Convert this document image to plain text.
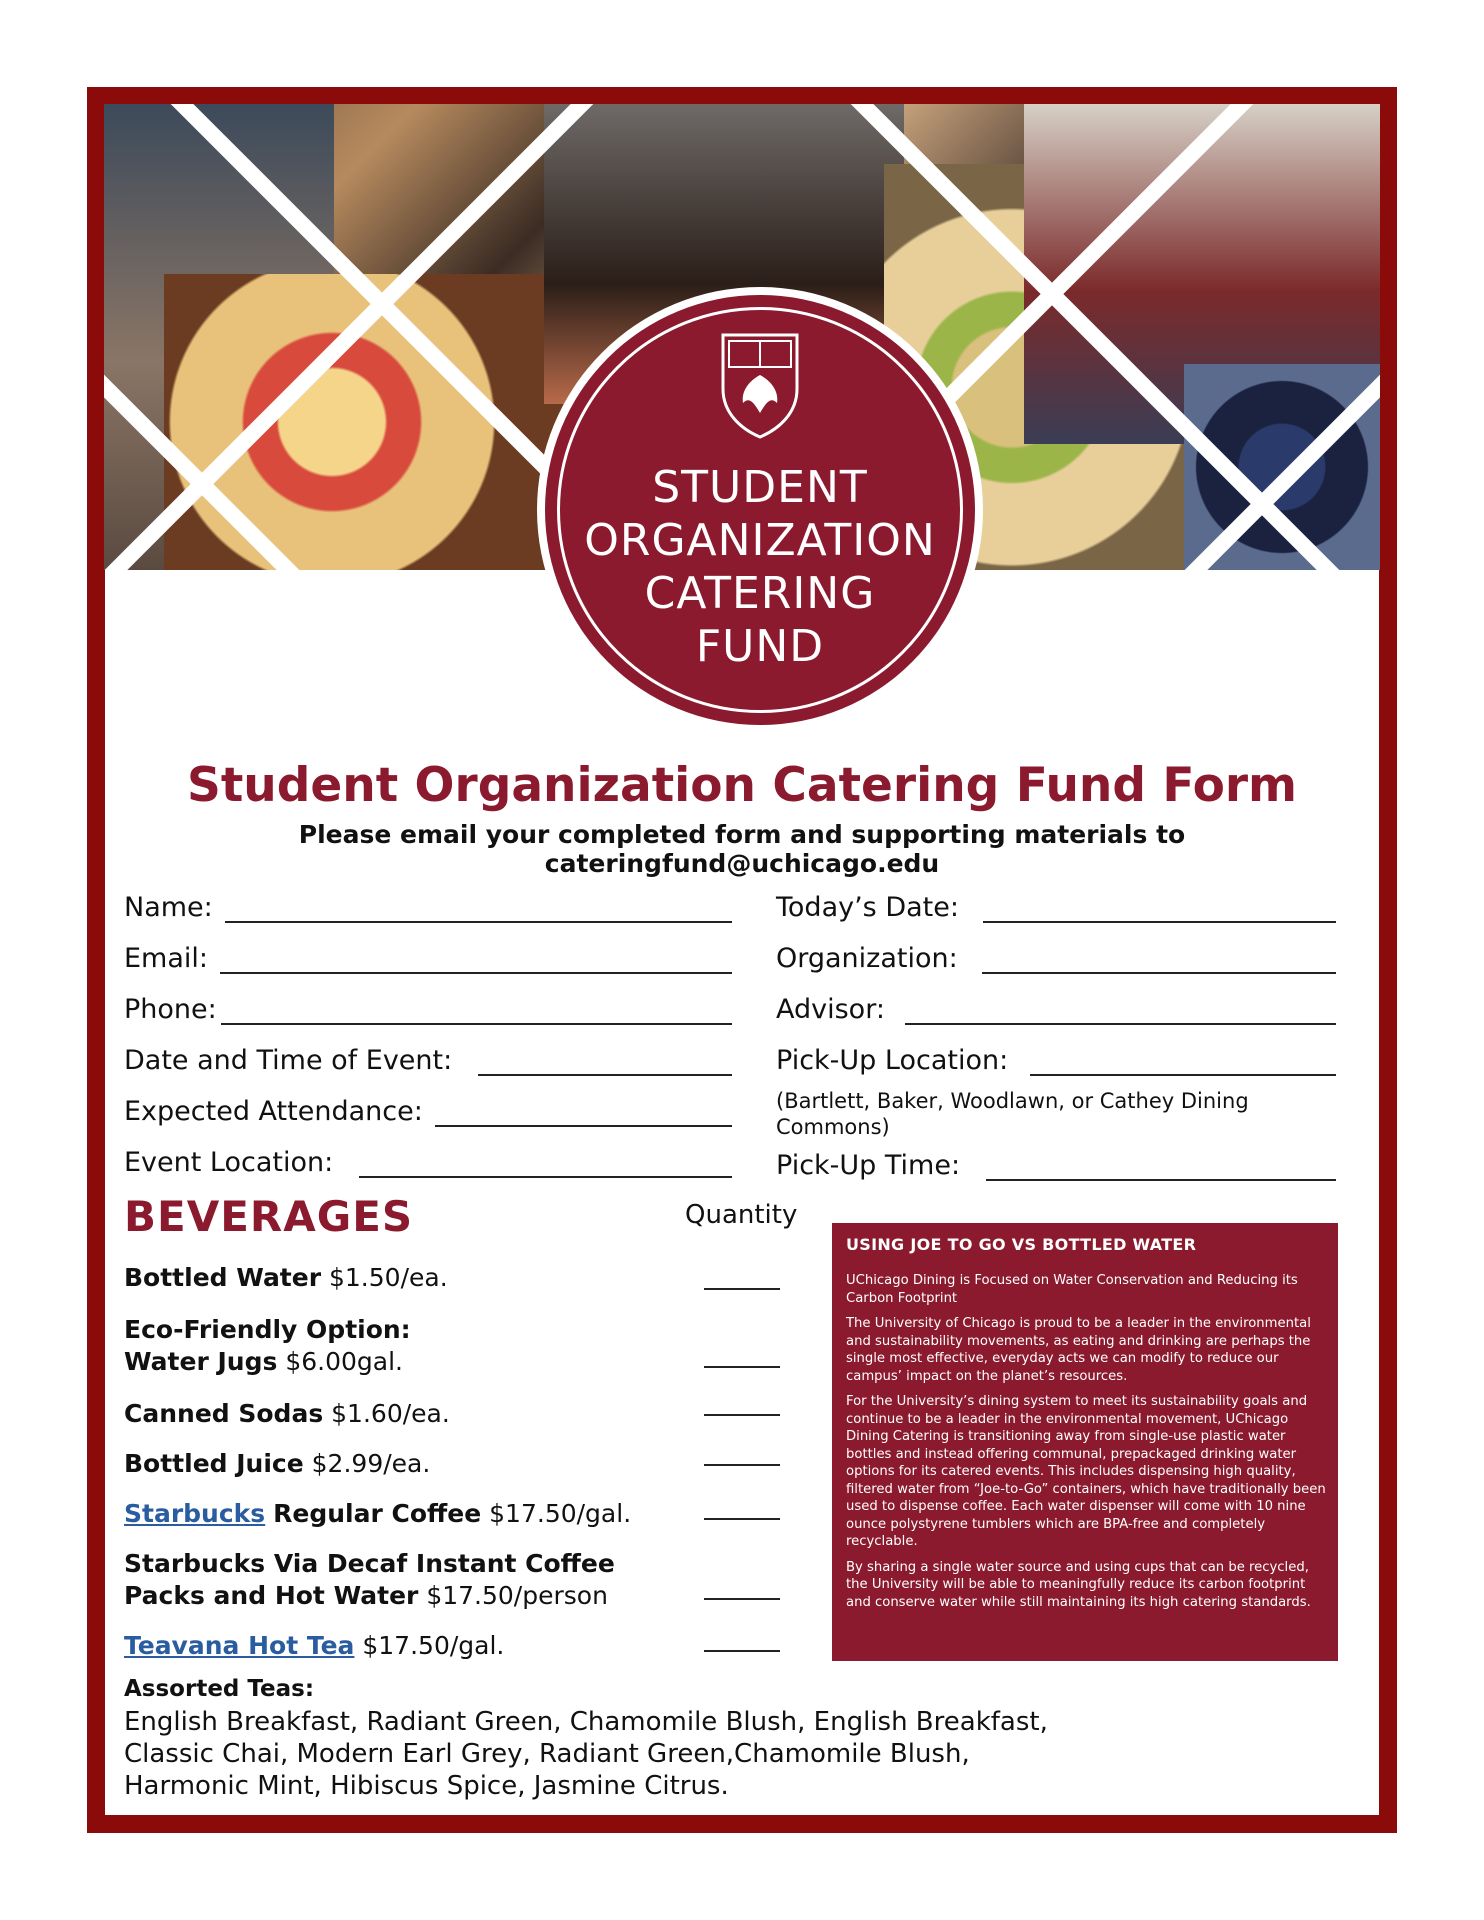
STUDENT
ORGANIZATION
CATERING
FUND
Student Organization Catering Fund Form
Please email your completed form and supporting materials to cateringfund@uchicago.edu
Name:
Email:
Phone:
Date and Time of Event:
Expected Attendance:
Event Location:
Today’s Date:
Organization:
Advisor:
Pick-Up Location:
(Bartlett, Baker, Woodlawn, or Cathey Dining Commons)
Pick-Up Time:
BEVERAGES	Quantity
Bottled Water $1.50/ea.
Eco-Friendly Option:
Water Jugs $6.00gal.
Canned Sodas $1.60/ea.
Bottled Juice $2.99/ea.
Starbucks Regular Coffee $17.50/gal.
Starbucks Via Decaf Instant Coffee
Packs and Hot Water $17.50/person
Teavana Hot Tea $17.50/gal.
Assorted Teas:
English Breakfast, Radiant Green, Chamomile Blush, English Breakfast, Classic Chai, Modern Earl Grey, Radiant Green,Chamomile Blush, Harmonic Mint, Hibiscus Spice, Jasmine Citrus.
USING JOE TO GO VS BOTTLED WATER

UChicago Dining is Focused on Water Conservation and Reducing its Carbon Footprint

The University of Chicago is proud to be a leader in the environmental and sustainability movements, as eating and drinking are perhaps the single most effective, everyday acts we can modify to reduce our campus’ impact on the planet’s resources.

For the University’s dining system to meet its sustainability goals and continue to be a leader in the environmental movement, UChicago Dining Catering is transitioning away from single-use plastic water bottles and instead offering communal, prepackaged drinking water options for its catered events. This includes dispensing high quality, filtered water from “Joe-to-Go” containers, which have traditionally been used to dispense coffee. Each water dispenser will come with 10 nine ounce polystyrene tumblers which are BPA-free and completely recyclable.

By sharing a single water source and using cups that can be recycled, the University will be able to meaningfully reduce its carbon footprint and conserve water while still maintaining its high catering standards.
